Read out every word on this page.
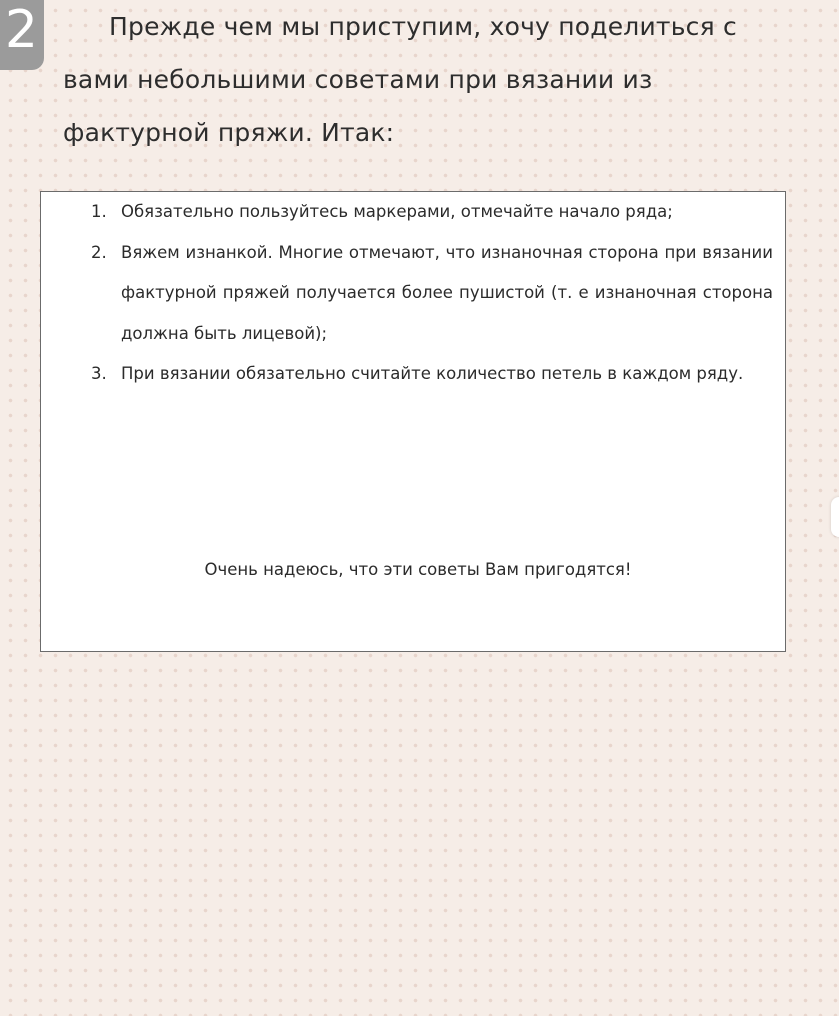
2	Прежде чем мы приступим, хочу поделиться с
вами небольшими советами при вязании из
фактурной пряжи. Итак:
1. Обязательно пользуйтесь маркерами, отмечайте начало ряда;
2. Вяжем изнанкой. Многие отмечают, что изнаночная сторона при вязании фактурной пряжей получается более пушистой (т. е изнаночная сторона должна быть лицевой);
3. При вязании обязательно считайте количество петель в каждом ряду.
Очень надеюсь, что эти советы Вам пригодятся!
